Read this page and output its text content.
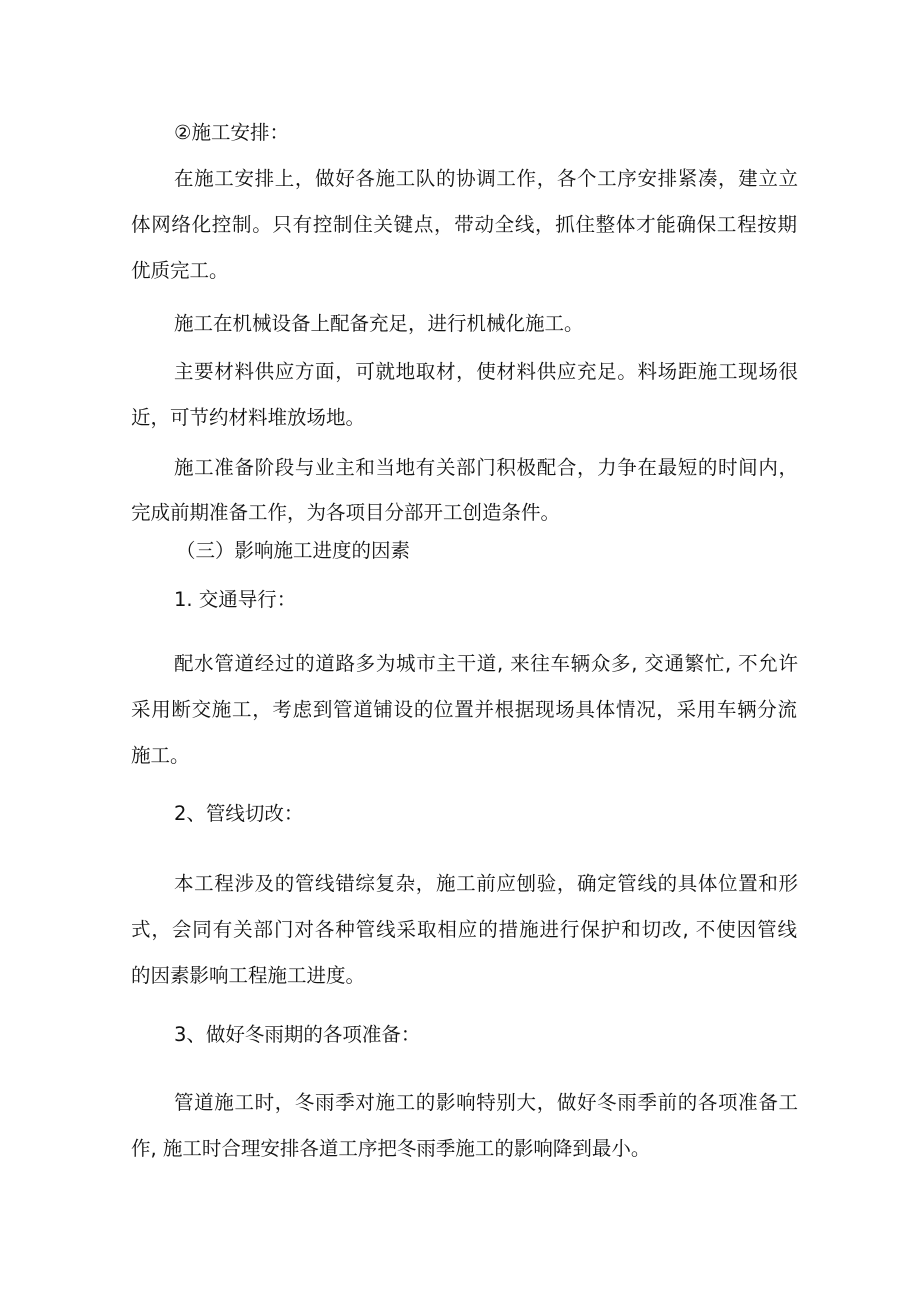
②施工安排：

在施工安排上，做好各施工队的协调工作，各个工序安排紧凑，建立立

体网络化控制。只有控制住关键点，带动全线，抓住整体才能确保工程按期

优质完工。

施工在机械设备上配备充足，进行机械化施工。

主要材料供应方面，可就地取材，使材料供应充足。料场距施工现场很

近，可节约材料堆放场地。

施工准备阶段与业主和当地有关部门积极配合，力争在最短的时间内，

完成前期准备工作，为各项目分部开工创造条件。

（三）影响施工进度的因素

1. 交通导行：

配水管道经过的道路多为城市主干道, 来往车辆众多, 交通繁忙, 不允许

采用断交施工，考虑到管道铺设的位置并根据现场具体情况，采用车辆分流

施工。

2、管线切改：

本工程涉及的管线错综复杂，施工前应刨验，确定管线的具体位置和形

式，会同有关部门对各种管线采取相应的措施进行保护和切改, 不使因管线

的因素影响工程施工进度。

3、做好冬雨期的各项准备：

管道施工时，冬雨季对施工的影响特别大，做好冬雨季前的各项准备工

作, 施工时合理安排各道工序把冬雨季施工的影响降到最小。
